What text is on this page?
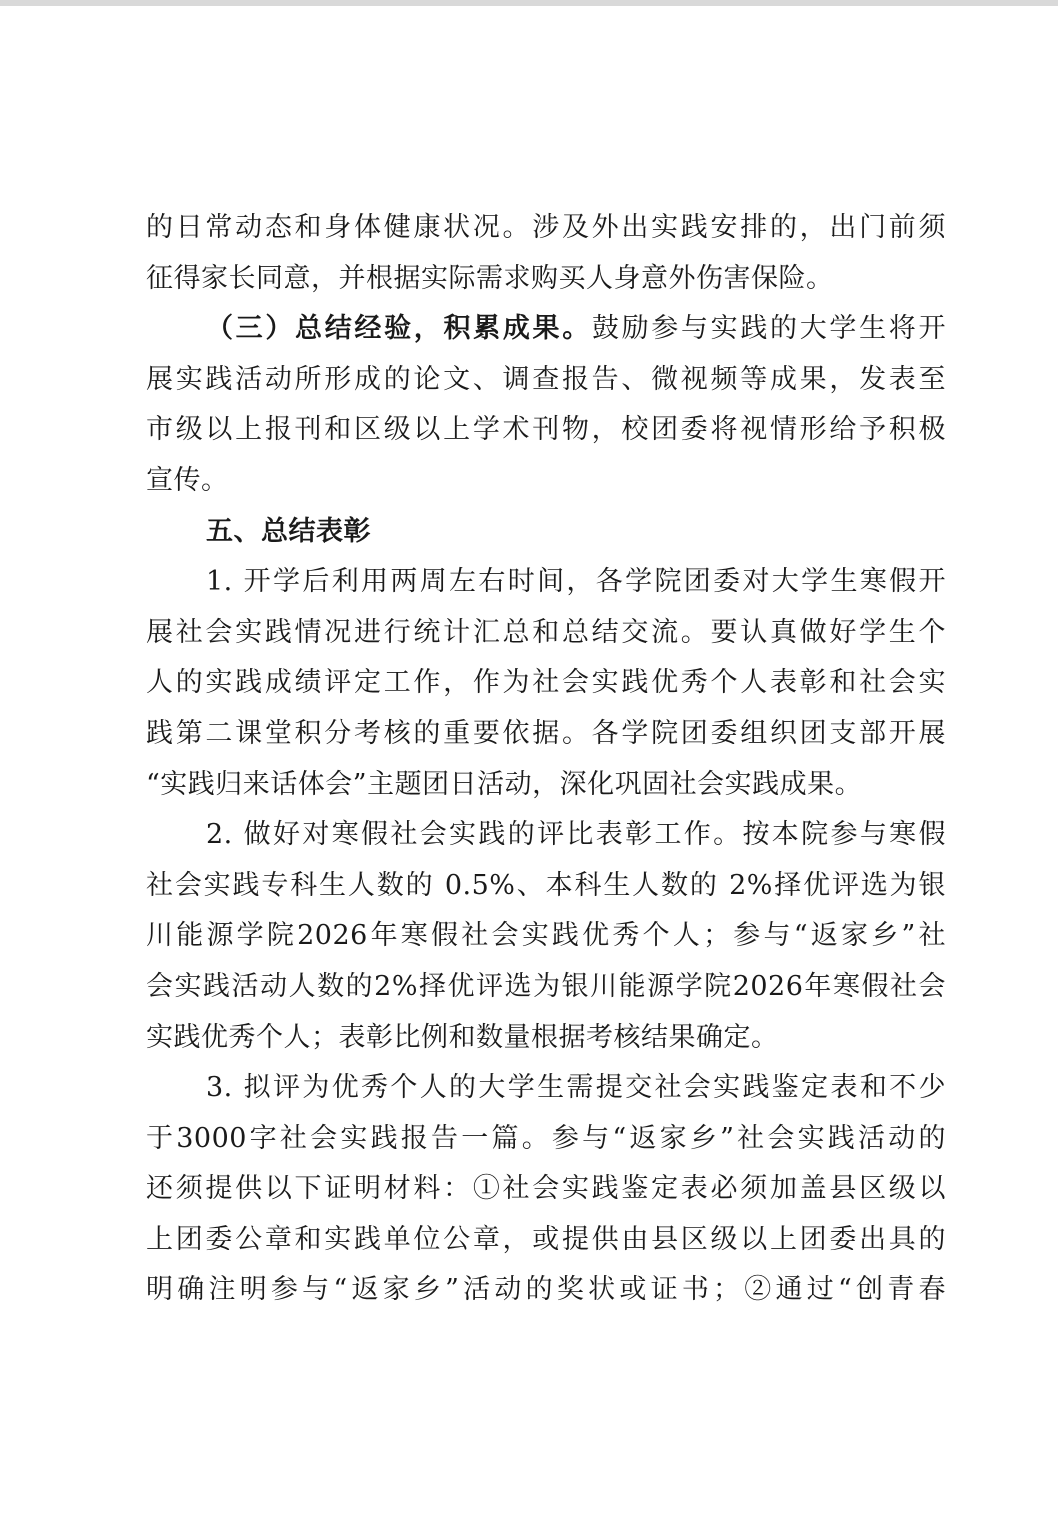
的日常动态和身体健康状况。涉及外出实践安排的，出门前须
征得家长同意，并根据实际需求购买人身意外伤害保险。
（三）总结经验，积累成果。鼓励参与实践的大学生将开
展实践活动所形成的论文、调查报告、微视频等成果，发表至
市级以上报刊和区级以上学术刊物，校团委将视情形给予积极
宣传。
五、总结表彰
1. 开学后利用两周左右时间，各学院团委对大学生寒假开
展社会实践情况进行统计汇总和总结交流。要认真做好学生个
人的实践成绩评定工作，作为社会实践优秀个人表彰和社会实
践第二课堂积分考核的重要依据。各学院团委组织团支部开展
“实践归来话体会”主题团日活动，深化巩固社会实践成果。
2. 做好对寒假社会实践的评比表彰工作。按本院参与寒假
社会实践专科生人数的 0.5%、本科生人数的 2%择优评选为银
川能源学院2026年寒假社会实践优秀个人；参与“返家乡”社
会实践活动人数的2%择优评选为银川能源学院2026年寒假社会
实践优秀个人；表彰比例和数量根据考核结果确定。
3. 拟评为优秀个人的大学生需提交社会实践鉴定表和不少
于3000字社会实践报告一篇。参与“返家乡”社会实践活动的
还须提供以下证明材料：①社会实践鉴定表必须加盖县区级以
上团委公章和实践单位公章，或提供由县区级以上团委出具的
明确注明参与“返家乡”活动的奖状或证书；②通过“创青春
